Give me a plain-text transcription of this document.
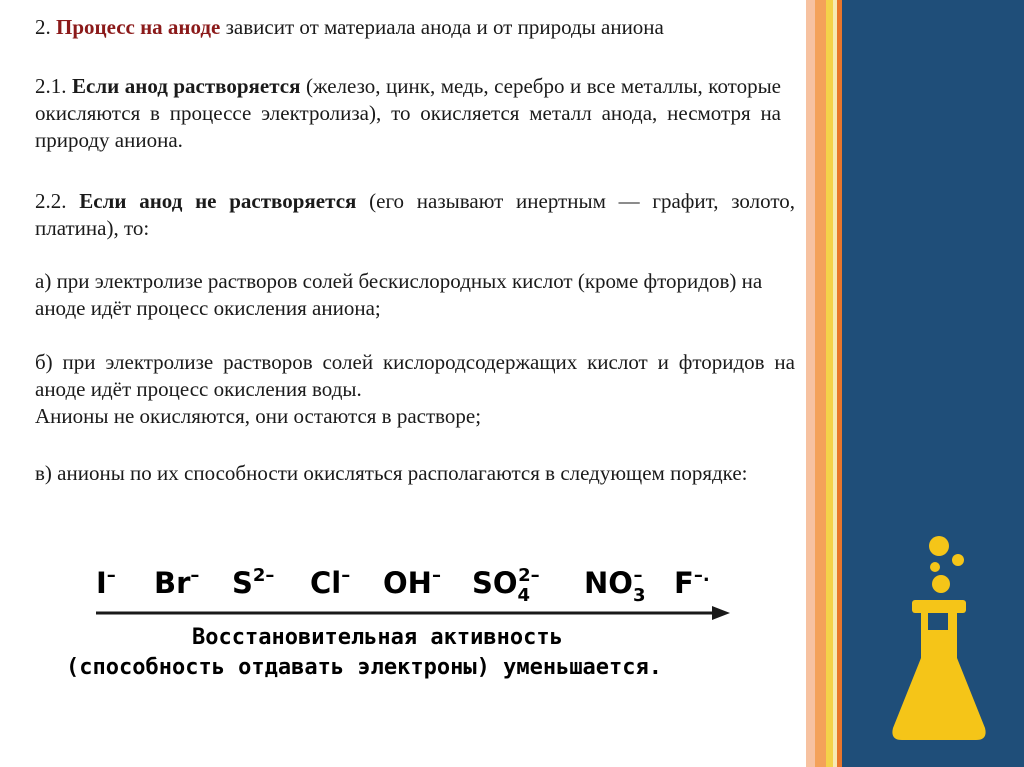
2. Процесс на аноде зависит от материала анода и от природы аниона

2.1. Если анод растворяется (железо, цинк, медь, серебро и все металлы, которые окисляются в процессе электролиза), то окисляется металл анода, несмотря на природу аниона.

2.2. Если анод не растворяется (его называют инертным — графит, золото, платина), то:

а) при электролизе растворов солей бескислородных кислот (кроме фторидов) на аноде идёт процесс окисления аниона;

б) при электролизе растворов солей кислородсодержащих кислот и фторидов на аноде идёт процесс окисления воды.
Анионы не окисляются, они остаются в растворе;

в) анионы по их способности окисляться располагаются в следующем порядке:

I– Br– $S^{2-}$ Cl– OH– $SO_42-$ $NO_3-$ F–.
Восстановительная активность
(способность отдавать электроны) уменьшается.
